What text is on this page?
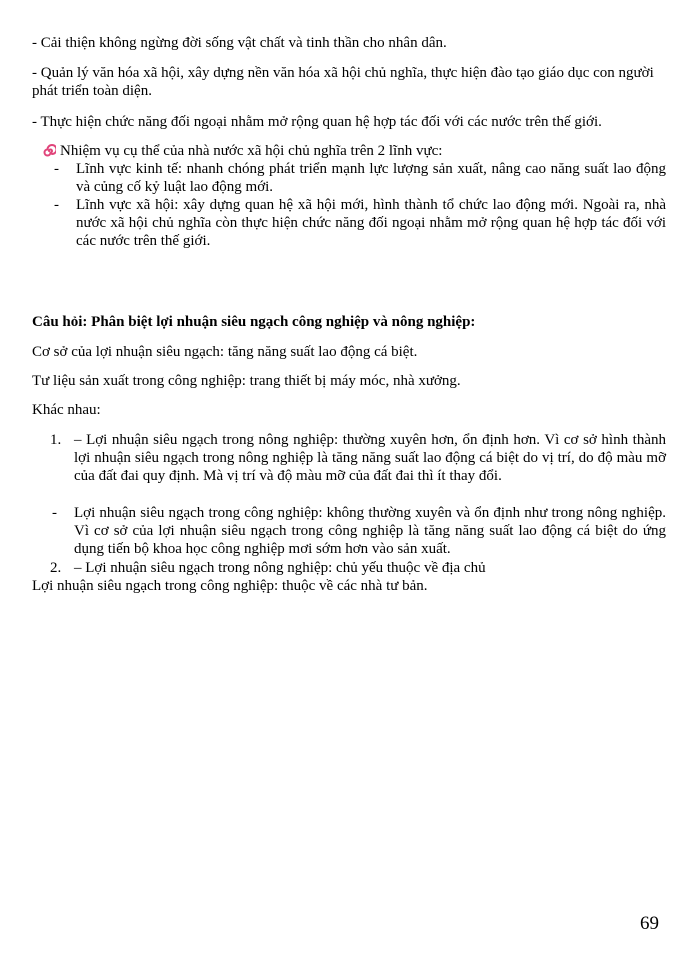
- Cải thiện không ngừng đời sống vật chất và tinh thần cho nhân dân.

- Quản lý văn hóa xã hội, xây dựng nền văn hóa xã hội chủ nghĩa, thực hiện đào tạo giáo dục con người phát triển toàn diện.

- Thực hiện chức năng đối ngoại nhằm mở rộng quan hệ hợp tác đối với các nước trên thế giới.

Nhiệm vụ cụ thể của nhà nước xã hội chủ nghĩa trên 2 lĩnh vực:
-	Lĩnh vực kinh tế: nhanh chóng phát triển mạnh lực lượng sản xuất, nâng cao năng suất lao động và củng cố kỷ luật lao động mới.
-	Lĩnh vực xã hội: xây dựng quan hệ xã hội mới, hình thành tổ chức lao động mới. Ngoài ra, nhà nước xã hội chủ nghĩa còn thực hiện chức năng đối ngoại nhằm mở rộng quan hệ hợp tác đối với các nước trên thế giới.

Câu hỏi: Phân biệt lợi nhuận siêu ngạch công nghiệp và nông nghiệp:

Cơ sở của lợi nhuận siêu ngạch: tăng năng suất lao động cá biệt.

Tư liệu sản xuất trong công nghiệp: trang thiết bị máy móc, nhà xưởng.

Khác nhau:

1. – Lợi nhuận siêu ngạch trong nông nghiệp: thường xuyên hơn, ổn định hơn. Vì cơ sở hình thành lợi nhuận siêu ngạch trong nông nghiệp là tăng năng suất lao động cá biệt do vị trí, do độ màu mỡ của đất đai quy định. Mà vị trí và độ màu mỡ của đất đai thì ít thay đổi.
-	Lợi nhuận siêu ngạch trong công nghiệp: không thường xuyên và ổn định như trong nông nghiệp. Vì cơ sở của lợi nhuận siêu ngạch trong công nghiệp là tăng năng suất lao động cá biệt do ứng dụng tiến bộ khoa học công nghiệp mơi sớm hơn vào sản xuất.
2. – Lợi nhuận siêu ngạch trong nông nghiệp: chủ yếu thuộc về địa chủ

Lợi nhuận siêu ngạch trong công nghiệp: thuộc về các nhà tư bản.

69
